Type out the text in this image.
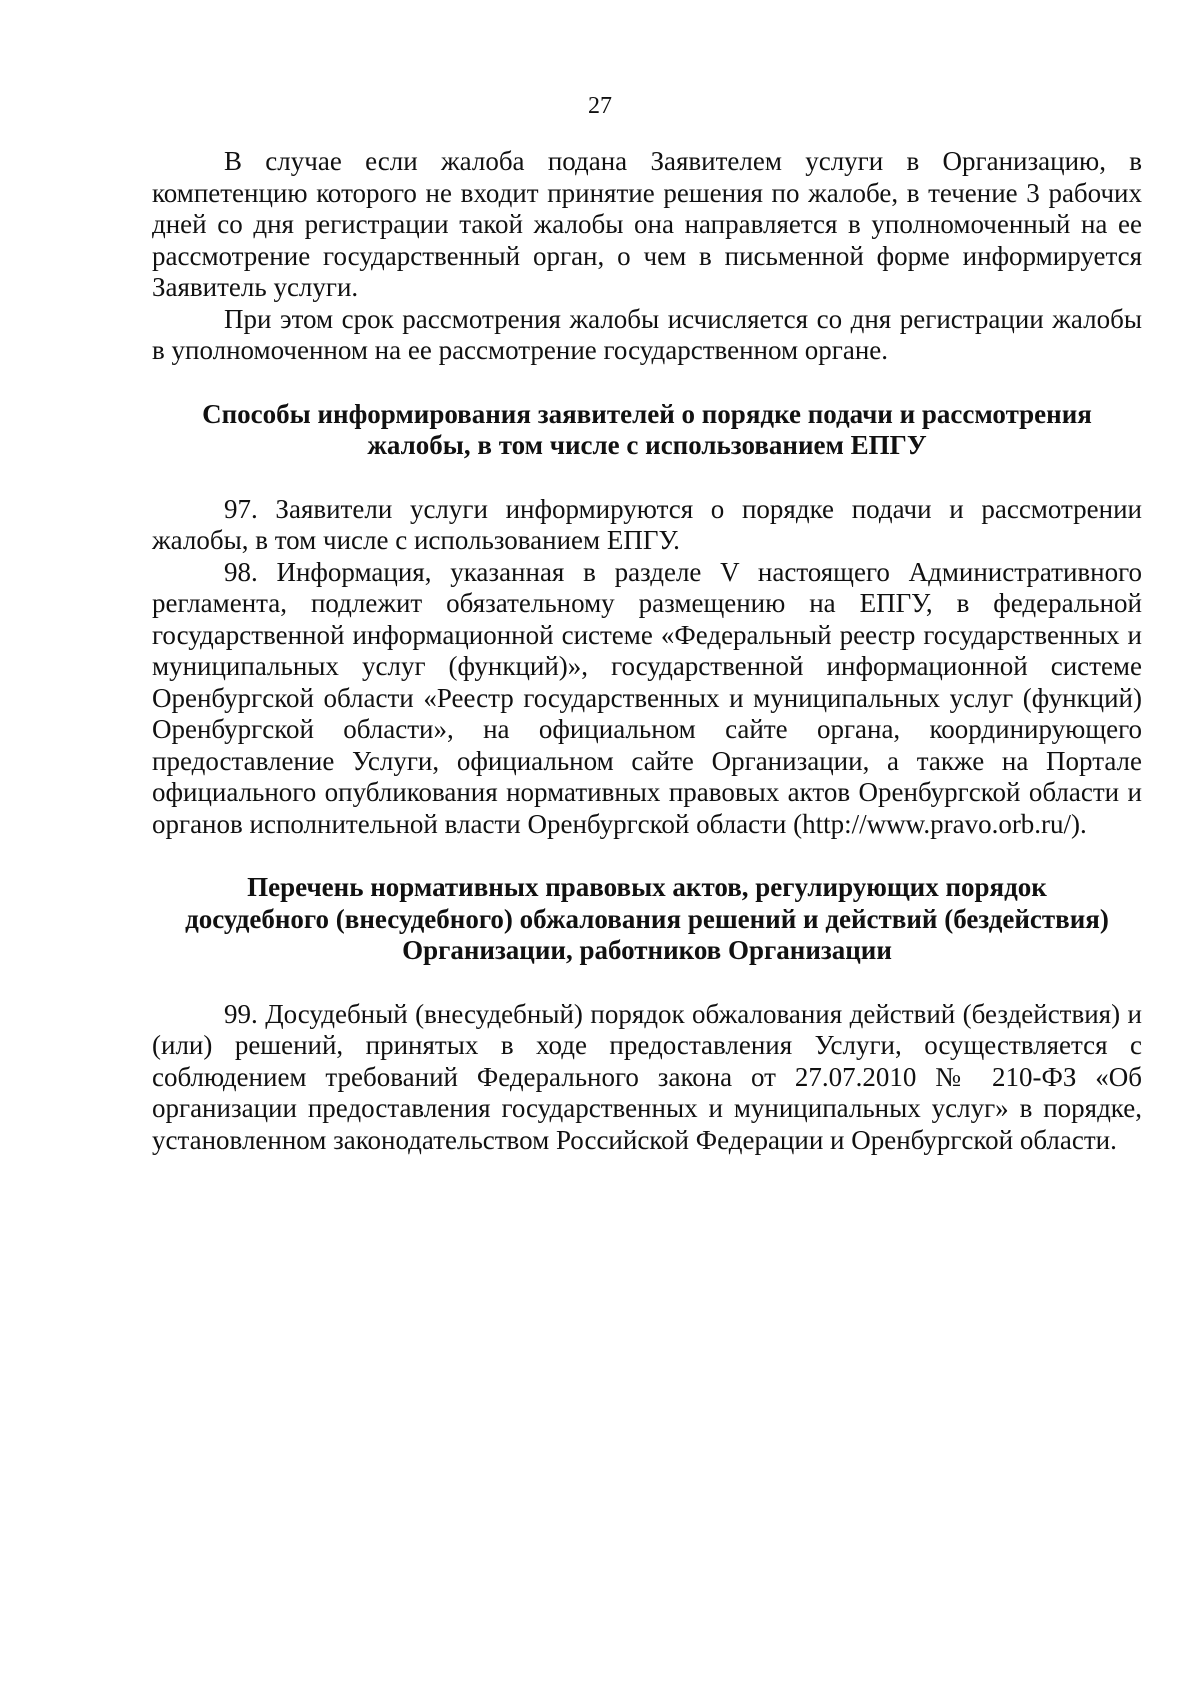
27

В случае если жалоба подана Заявителем услуги в Организацию, в компетенцию которого не входит принятие решения по жалобе, в течение 3 рабочих дней со дня регистрации такой жалобы она направляется в уполномоченный на ее рассмотрение государственный орган, о чем в письменной форме информируется Заявитель услуги.

При этом срок рассмотрения жалобы исчисляется со дня регистрации жалобы в уполномоченном на ее рассмотрение государственном органе.

Способы информирования заявителей о порядке подачи и рассмотрения
жалобы, в том числе с использованием ЕПГУ

97. Заявители услуги информируются о порядке подачи и рассмотрении жалобы, в том числе с использованием ЕПГУ.

98. Информация, указанная в разделе V настоящего Административного регламента, подлежит обязательному размещению на ЕПГУ, в федеральной государственной информационной системе «Федеральный реестр государственных и муниципальных услуг (функций)», государственной информационной системе Оренбургской области «Реестр государственных и муниципальных услуг (функций) Оренбургской области», на официальном сайте органа, координирующего предоставление Услуги, официальном сайте Организации, а также на Портале официального опубликования нормативных правовых актов Оренбургской области и органов исполнительной власти Оренбургской области (http://www.pravo.orb.ru/).

Перечень нормативных правовых актов, регулирующих порядок
досудебного (внесудебного) обжалования решений и действий (бездействия)
Организации, работников Организации

99. Досудебный (внесудебный) порядок обжалования действий (бездействия) и (или) решений, принятых в ходе предоставления Услуги, осуществляется с соблюдением требований Федерального закона от 27.07.2010 № 210-ФЗ «Об организации предоставления государственных и муниципальных услуг» в порядке, установленном законодательством Российской Федерации и Оренбургской области.
